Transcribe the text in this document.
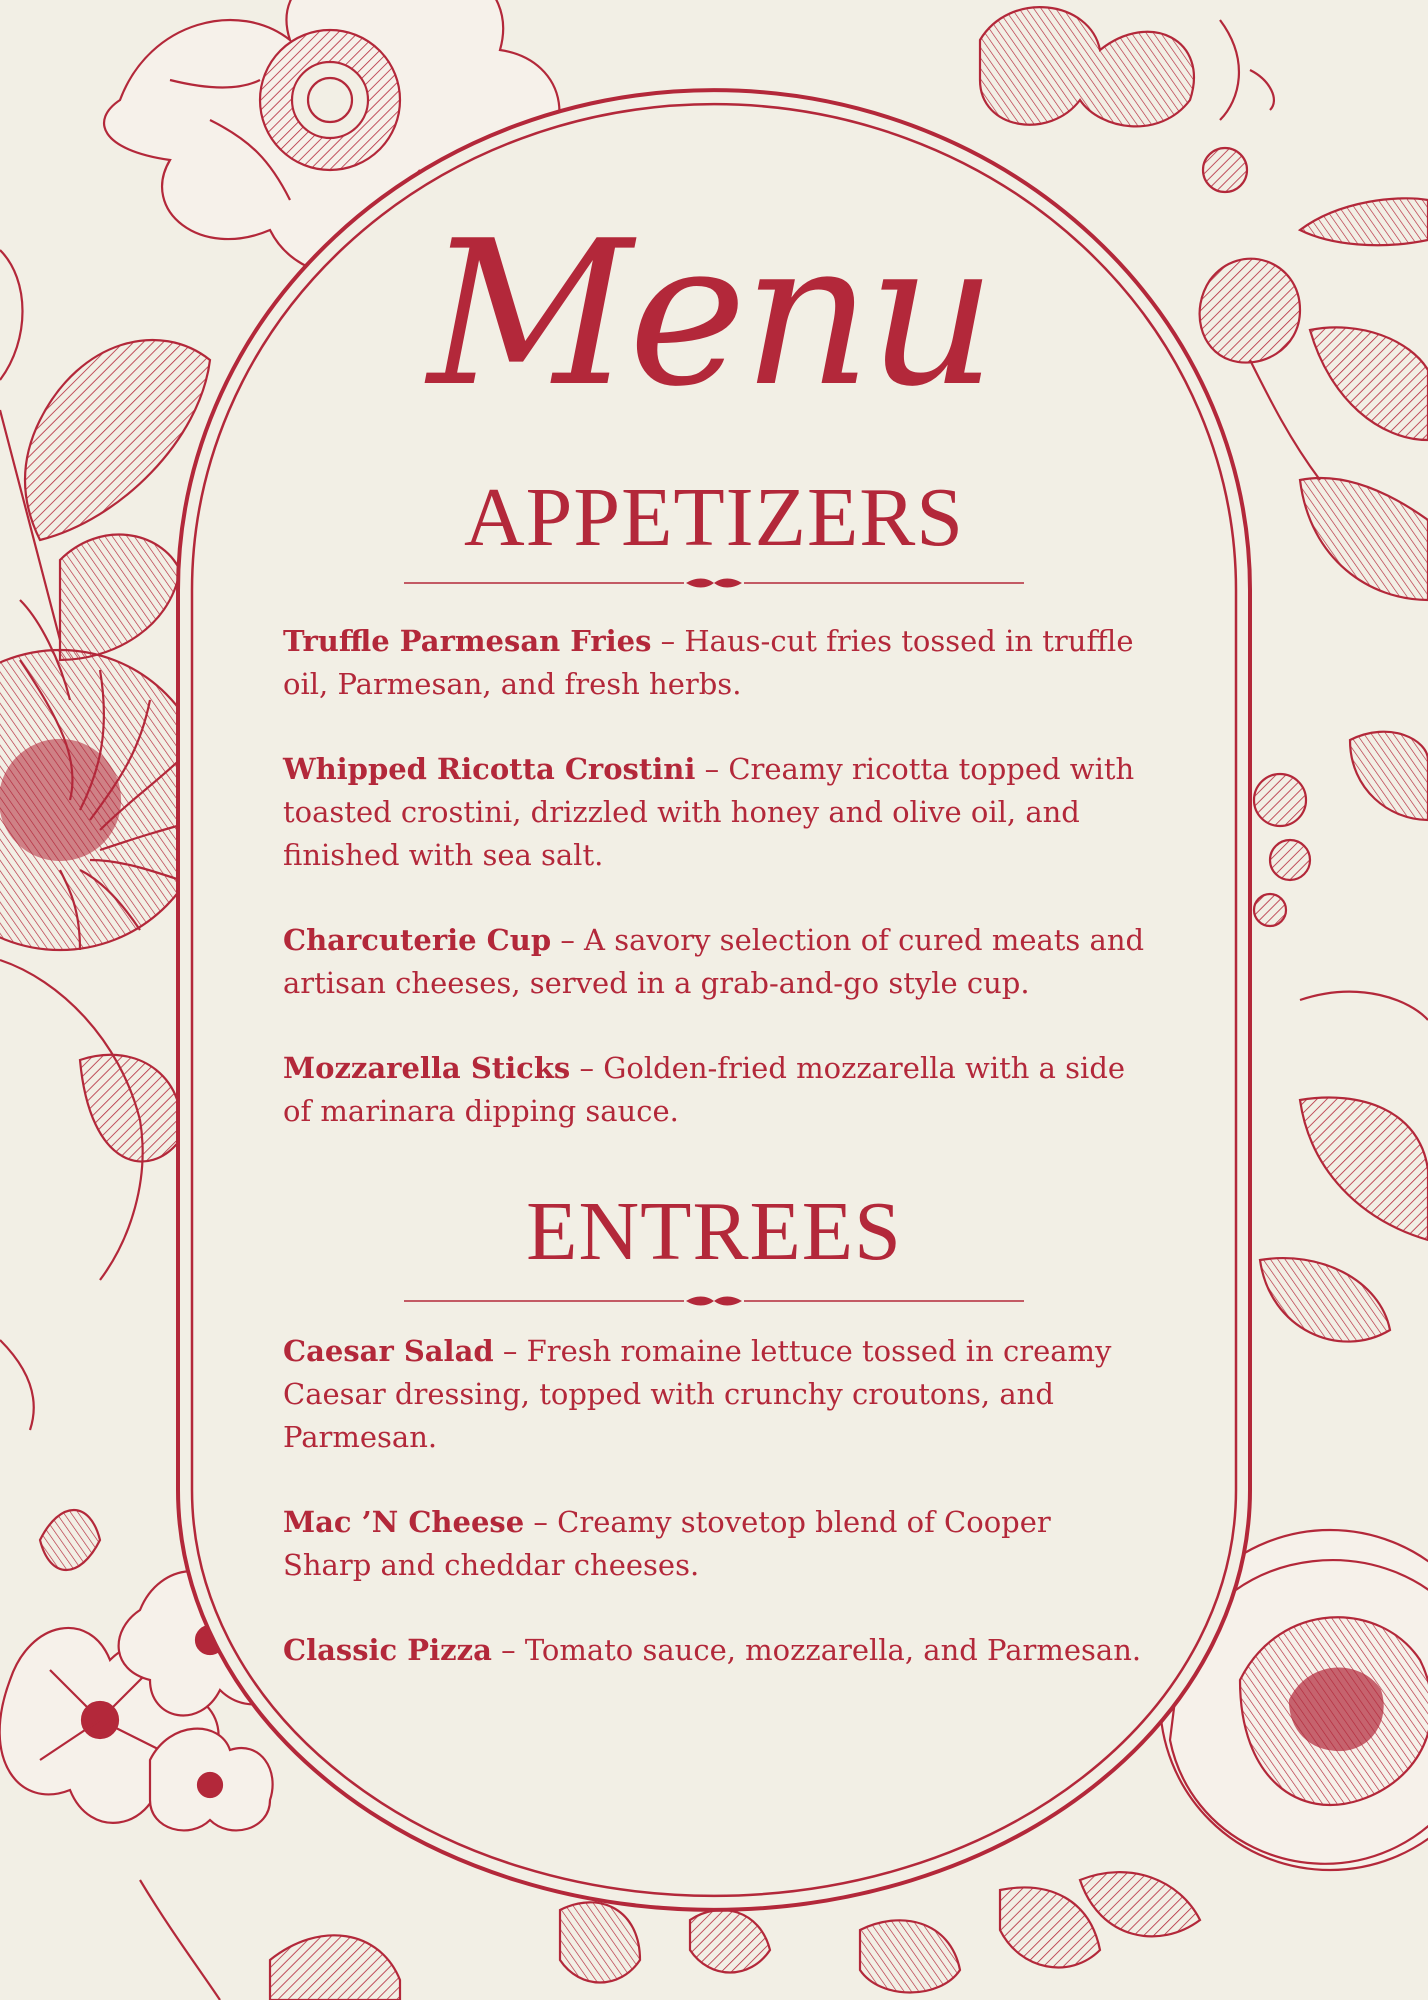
Menu
APPETIZERS

Truffle Parmesan Fries – Haus-cut fries tossed in truffle oil, Parmesan, and fresh herbs.

Whipped Ricotta Crostini – Creamy ricotta topped with toasted crostini, drizzled with honey and olive oil, and finished with sea salt.

Charcuterie Cup – A savory selection of cured meats and artisan cheeses, served in a grab-and-go style cup.

Mozzarella Sticks – Golden-fried mozzarella with a side of marinara dipping sauce.

ENTREES

Caesar Salad – Fresh romaine lettuce tossed in creamy Caesar dressing, topped with crunchy croutons, and Parmesan.

Mac ’N Cheese – Creamy stovetop blend of Cooper Sharp and cheddar cheeses.

Classic Pizza – Tomato sauce, mozzarella, and Parmesan.
